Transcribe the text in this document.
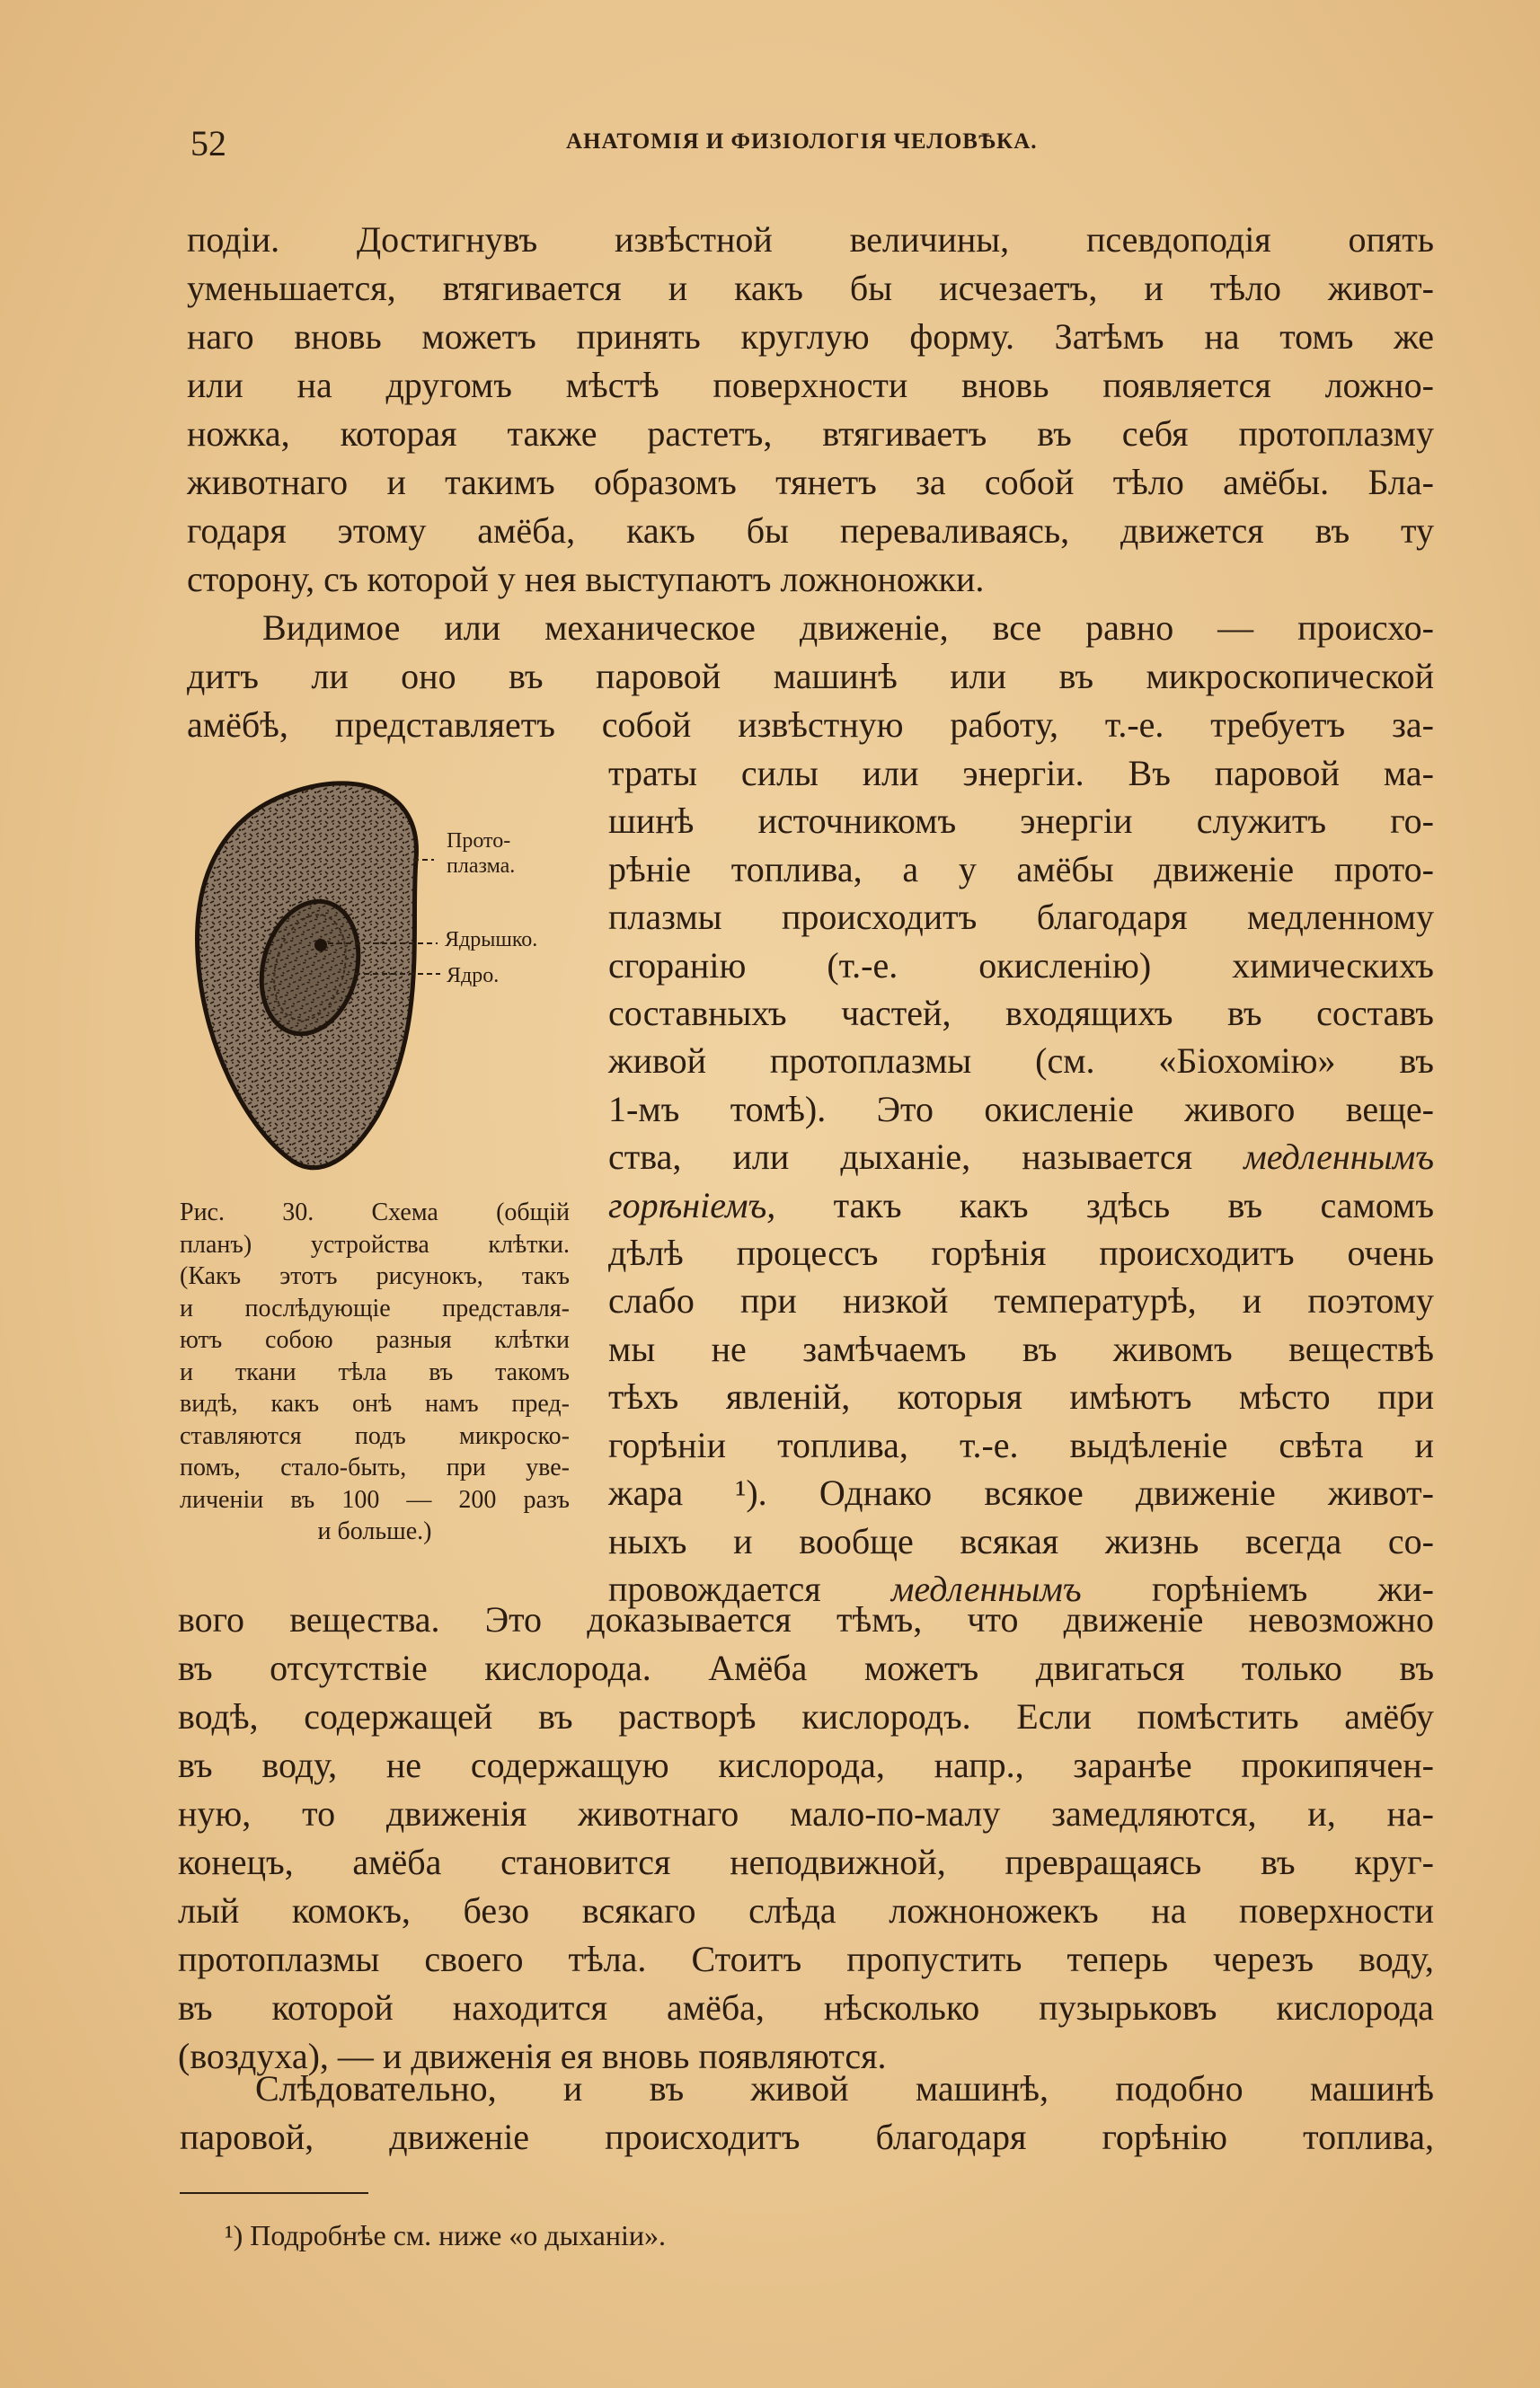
52	АНАТОМІЯ И ФИЗІОЛОГІЯ ЧЕЛОВѢКА.
подіи. Достигнувъ извѣстной величины, псевдоподія опять
уменьшается, втягивается и какъ бы исчезаетъ, и тѣло живот-
наго вновь можетъ принять круглую форму. Затѣмъ на томъ же
или на другомъ мѣстѣ поверхности вновь появляется ложно-
ножка, которая также растетъ, втягиваетъ въ себя протоплазму
животнаго и такимъ образомъ тянетъ за собой тѣло амёбы. Бла-
годаря этому амёба, какъ бы переваливаясь, движется въ ту
сторону, съ которой у нея выступаютъ ложноножки.
Видимое или механическое движеніе, все равно — происхо-
дитъ ли оно въ паровой машинѣ или въ микроскопической
амёбѣ, представляетъ собой извѣстную работу, т.-е. требуетъ за-
траты силы или энергіи. Въ паровой ма-
шинѣ источникомъ энергіи служитъ го-
рѣніе топлива, а у амёбы движеніе прото-
плазмы происходитъ благодаря медленному
сгоранію (т.-е. окисленію) химическихъ
составныхъ частей, входящихъ въ составъ
живой протоплазмы (см. «Біохомію» въ
1-мъ томѣ). Это окисленіе живого веще-
ства, или дыханіе, называется медленнымъ
горѣніемъ, такъ какъ здѣсь въ самомъ
дѣлѣ процессъ горѣнія происходитъ очень
слабо при низкой температурѣ, и поэтому
мы не замѣчаемъ въ живомъ веществѣ
тѣхъ явленій, которыя имѣютъ мѣсто при
горѣніи топлива, т.-е. выдѣленіе свѣта и
жара ¹). Однако всякое движеніе живот-
ныхъ и вообще всякая жизнь всегда со-
провождается медленнымъ горѣніемъ жи-
Прото-
плазма.
Ядрышко.
Ядро.
Рис. 30. Схема (общій
планъ) устройства клѣтки.
(Какъ этотъ рисунокъ, такъ
и послѣдующіе представля-
ютъ собою разныя клѣтки
и ткани тѣла въ такомъ
видѣ, какъ онѣ намъ пред-
ставляются подъ микроско-
помъ, стало-быть, при уве-
личеніи въ 100 — 200 разъ
и больше.)
вого вещества. Это доказывается тѣмъ, что движеніе невозможно
въ отсутствіе кислорода. Амёба можетъ двигаться только въ
водѣ, содержащей въ растворѣ кислородъ. Если помѣстить амёбу
въ воду, не содержащую кислорода, напр., заранѣе прокипячен-
ную, то движенія животнаго мало-по-малу замедляются, и, на-
конецъ, амёба становится неподвижной, превращаясь въ круг-
лый комокъ, безо всякаго слѣда ложноножекъ на поверхности
протоплазмы своего тѣла. Стоитъ пропустить теперь черезъ воду,
въ которой находится амёба, нѣсколько пузырьковъ кислорода
(воздуха), — и движенія ея вновь появляются.
Слѣдовательно, и въ живой машинѣ, подобно машинѣ
паровой, движеніе происходитъ благодаря горѣнію топлива,
¹) Подробнѣе см. ниже «о дыханіи».
